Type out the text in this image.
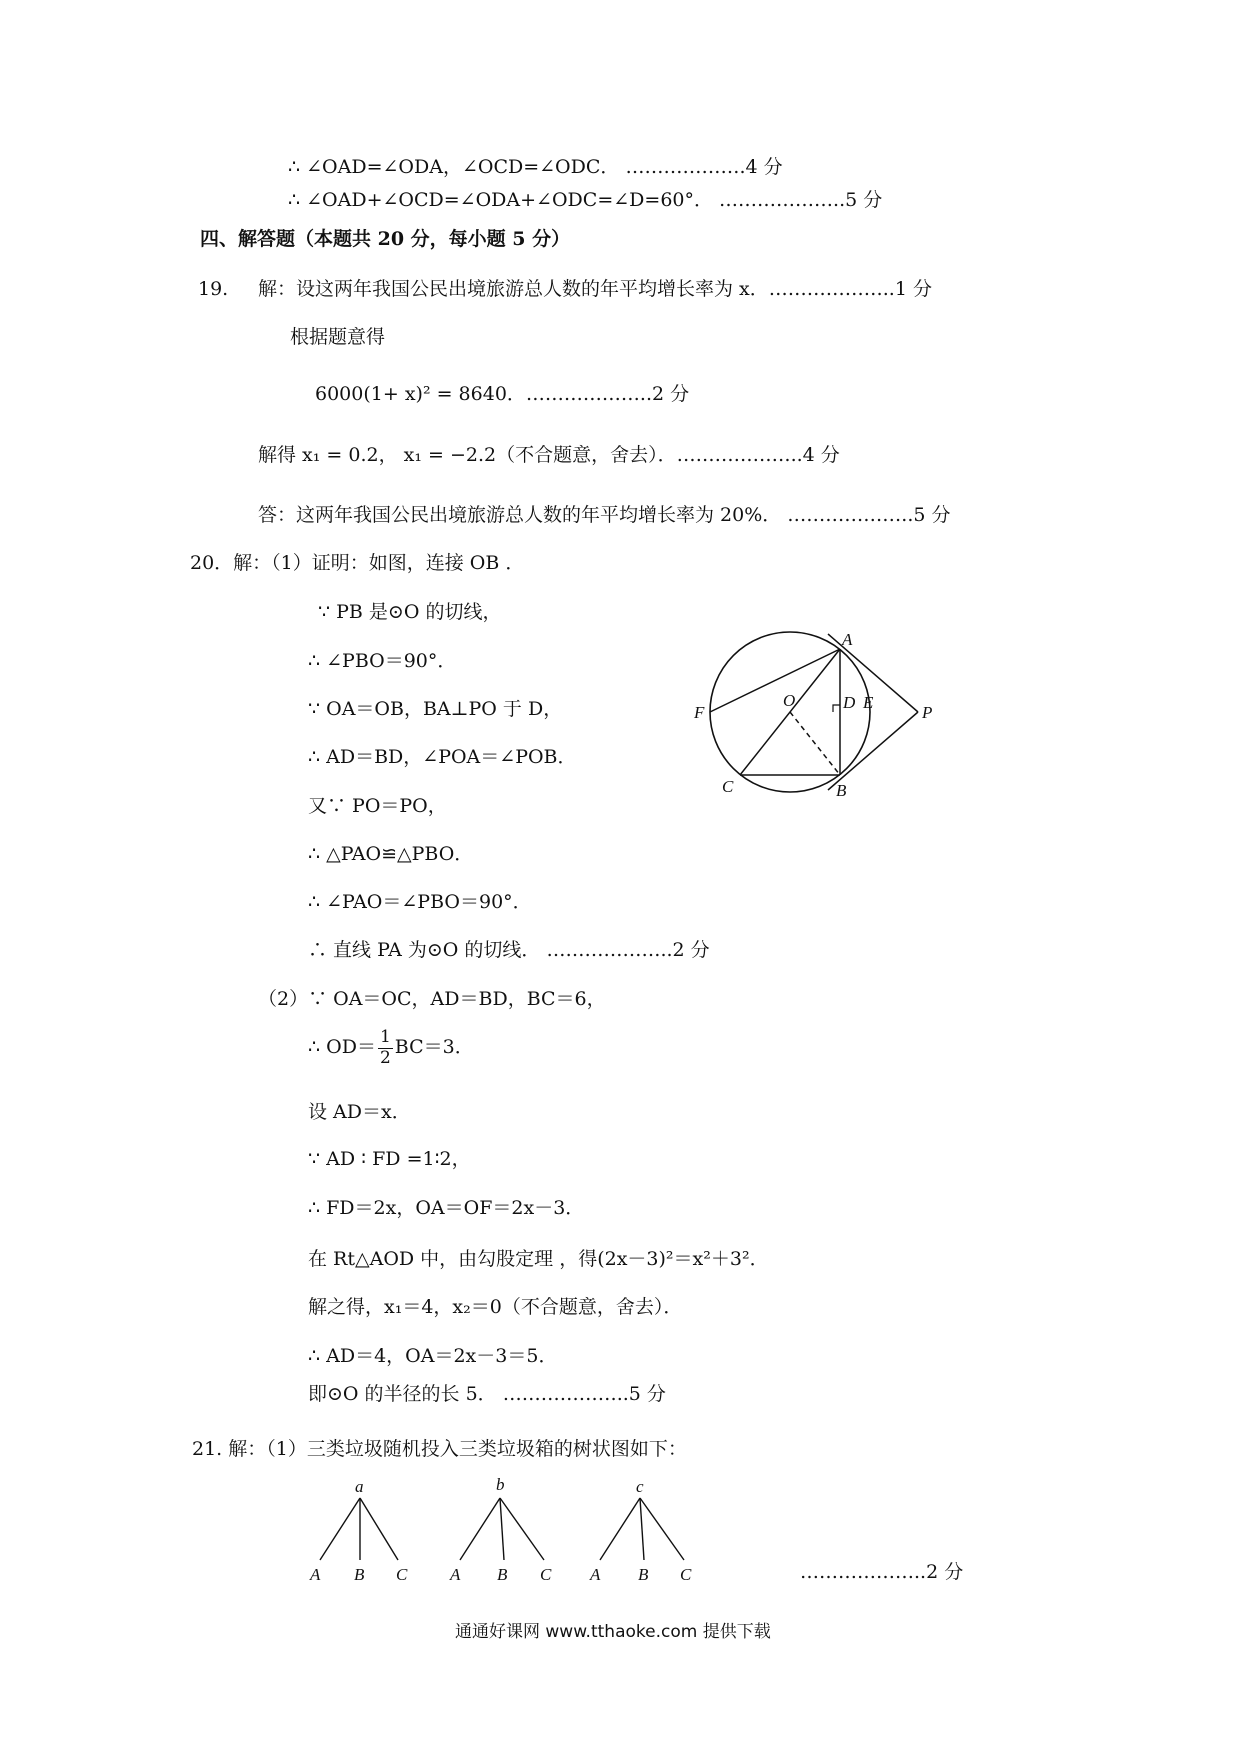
∴ ∠OAD=∠ODA，∠OCD=∠ODC． ……………….4 分
∴ ∠OAD+∠OCD=∠ODA+∠ODC=∠D=60°． ………………..5 分
四、解答题（本题共 20 分，每小题 5 分）
19. 解：设这两年我国公民出境旅游总人数的年平均增长率为 x．………………..1 分
根据题意得
6000(1+ x)² = 8640．………………..2 分
解得 x₁ = 0.2， x₁ = −2.2（不合题意，舍去）．………………..4 分
答：这两年我国公民出境旅游总人数的年平均增长率为 20%． ………………..5 分
20．解：（1）证明：如图，连接 OB ．
∵ PB 是⊙O 的切线，
∴ ∠PBO＝90°．
∵ OA＝OB，BA⊥PO 于 D，
∴ AD＝BD，∠POA＝∠POB．
又∵ PO＝PO，
∴ △PAO≌△PBO．
∴ ∠PAO＝∠PBO＝90°．
∴ 直线 PA 为⊙O 的切线． ………………..2 分
（2）∵ OA＝OC，AD＝BD，BC＝6，
∴ $OD= \frac{1}{2} BC=3$．
设 AD＝x．
∵ AD ∶ FD =1∶2，
∴ FD＝2x，OA＝OF＝2x－3．
在 Rt△AOD 中，由勾股定理 ，得(2x－3)²＝x²＋3²．
解之得，x₁＝4，x₂＝0（不合题意，舍去）．
∴ AD＝4，OA＝2x－3＝5．
即⊙O 的半径的长 5． ………………..5 分
A
F
O	D E
P
C	B
21. 解：（1）三类垃圾随机投入三类垃圾箱的树状图如下：
a
A B C
b
A B C
c
A B C	………………..2 分
通通好课网 www.tthaoke.com 提供下载
